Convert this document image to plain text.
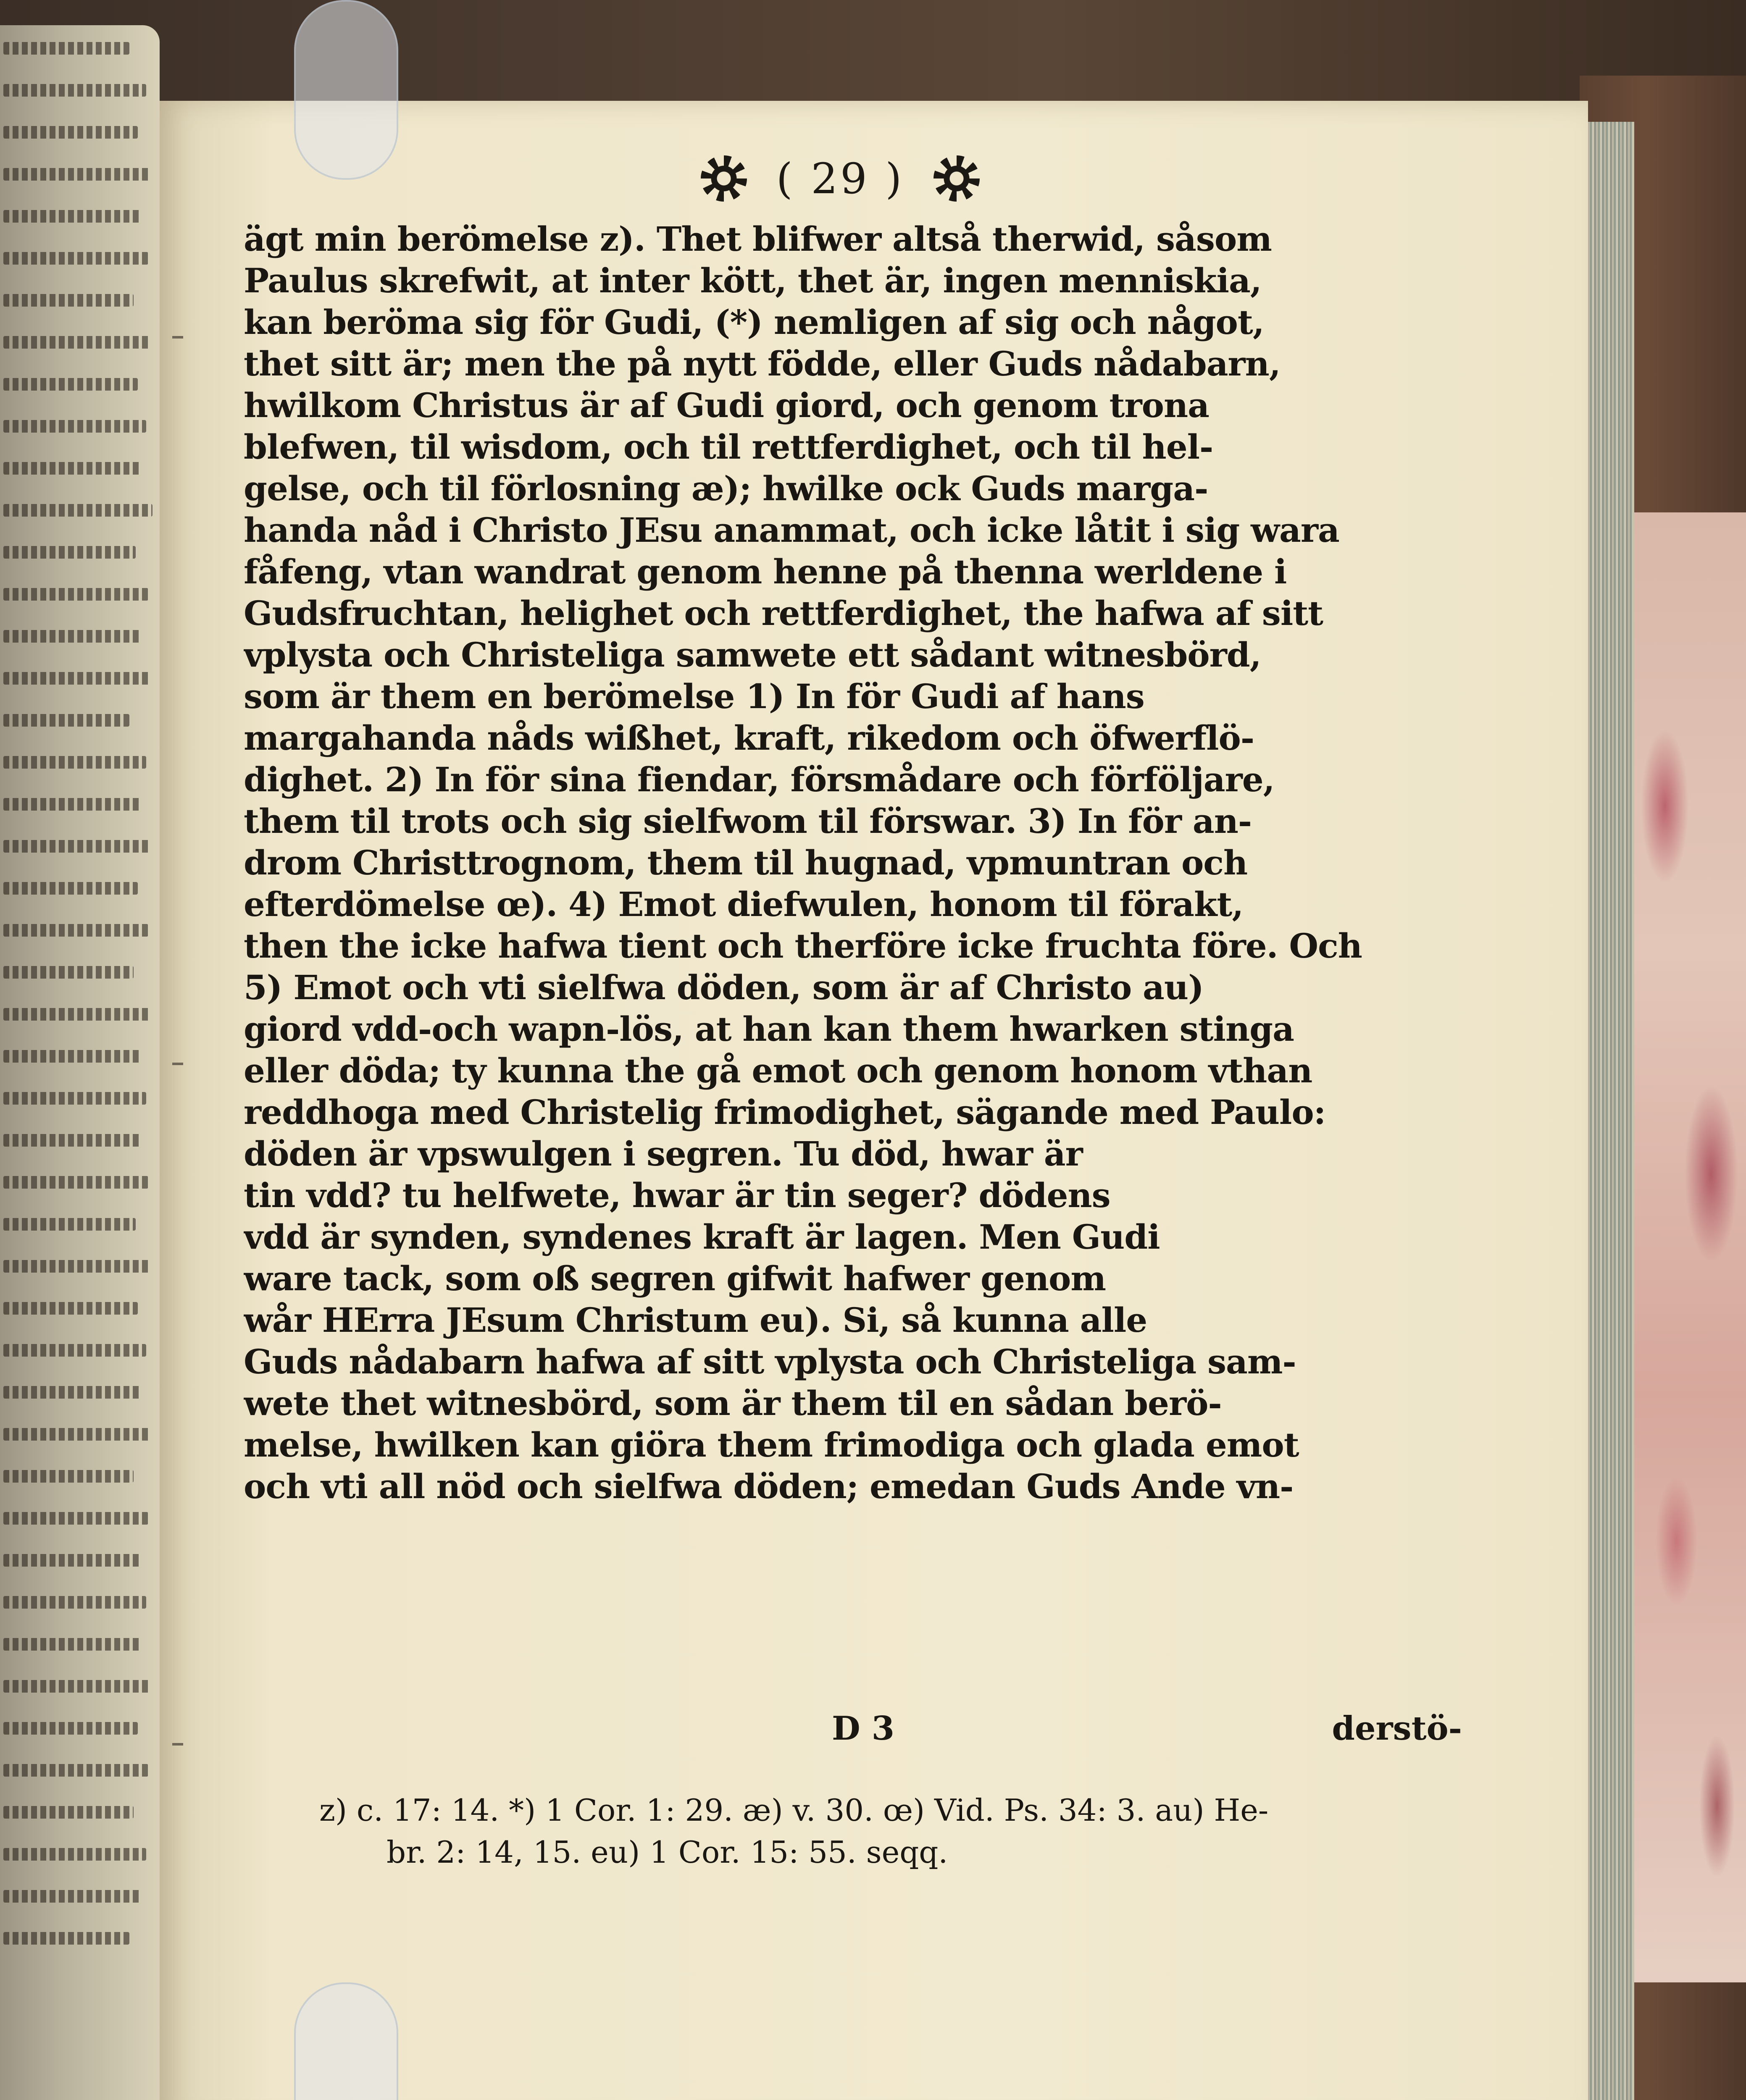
( 29 )
ägt min berömelse z). Thet blifwer altså therwid, såsom
Paulus skrefwit, at inter kött, thet är, ingen menniskia,
kan beröma sig för Gudi, (*) nemligen af sig och något,
thet sitt är; men the på nytt födde, eller Guds nådabarn,
hwilkom Christus är af Gudi giord, och genom trona
blefwen, til wisdom, och til rettferdighet, och til hel-
gelse, och til förlosning æ); hwilke ock Guds marga-
handa nåd i Christo JEsu anammat, och icke låtit i sig wara
fåfeng, vtan wandrat genom henne på thenna werldene i
Gudsfruchtan, helighet och rettferdighet, the hafwa af sitt
vplysta och Christeliga samwete ett sådant witnesbörd,
som är them en berömelse 1) In för Gudi af hans
margahanda nåds wißhet, kraft, rikedom och öfwerflö-
dighet. 2) In för sina fiendar, försmådare och förföljare,
them til trots och sig sielfwom til förswar. 3) In för an-
drom Christtrognom, them til hugnad, vpmuntran och
efterdömelse œ). 4) Emot diefwulen, honom til förakt,
then the icke hafwa tient och therföre icke fruchta före. Och
5) Emot och vti sielfwa döden, som är af Christo au)
giord vdd-och wapn-lös, at han kan them hwarken stinga
eller döda; ty kunna the gå emot och genom honom vthan
reddhoga med Christelig frimodighet, sägande med Paulo:
döden är vpswulgen i segren. Tu död, hwar är
tin vdd? tu helfwete, hwar är tin seger? dödens
vdd är synden, syndenes kraft är lagen. Men Gudi
ware tack, som oß segren gifwit hafwer genom
wår HErra JEsum Christum eu). Si, så kunna alle
Guds nådabarn hafwa af sitt vplysta och Christeliga sam-
wete thet witnesbörd, som är them til en sådan berö-
melse, hwilken kan giöra them frimodiga och glada emot
och vti all nöd och sielfwa döden; emedan Guds Ande vn-
D 3	derstö-
z) c. 17: 14. *) 1 Cor. 1: 29. æ) v. 30. œ) Vid. Ps. 34: 3. au) He-
br. 2: 14, 15. eu) 1 Cor. 15: 55. seqq.
